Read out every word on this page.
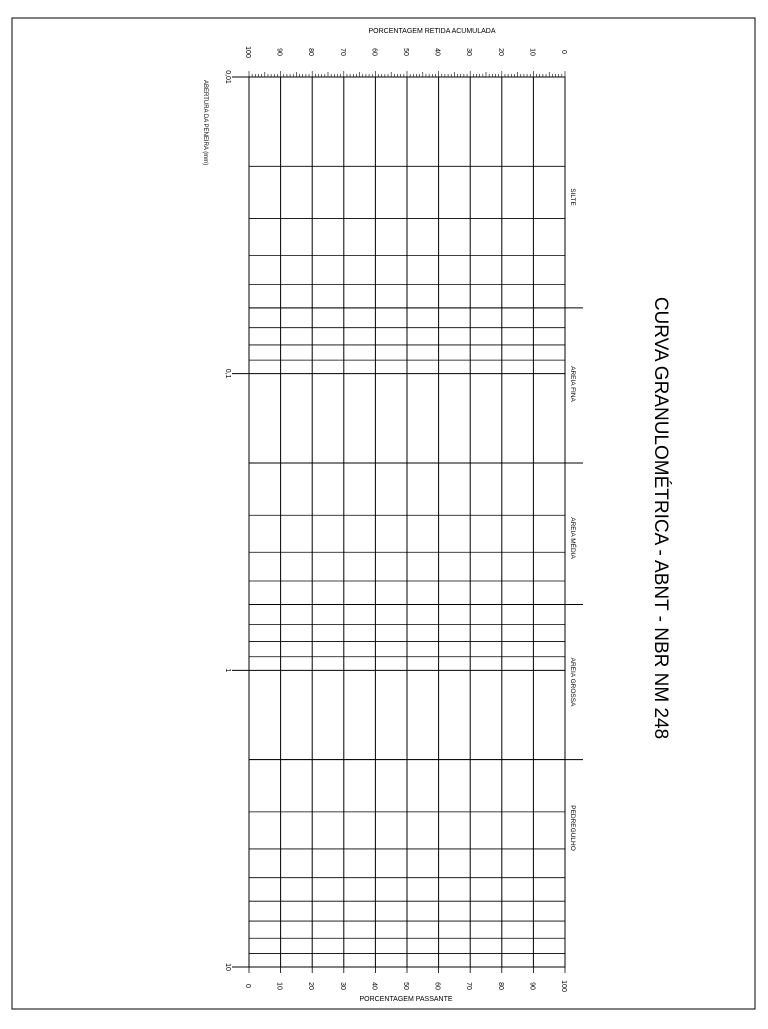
SILTE
AREIA FINA
AREIA MÉDIA
AREIA GROSSA
PEDREGULHO
0,01
0,1
1
10
100	90	80	70	60	50	40	30	20	10	0
0	10	20	30	40	50	60	70	80	90	100
CURVA GRANULOMÉTRICA - ABNT - NBR NM 248
PORCENTAGEM RETIDA ACUMULADA
PORCENTAGEM PASSANTE
ABERTURA DA PENEIRA (mm)
